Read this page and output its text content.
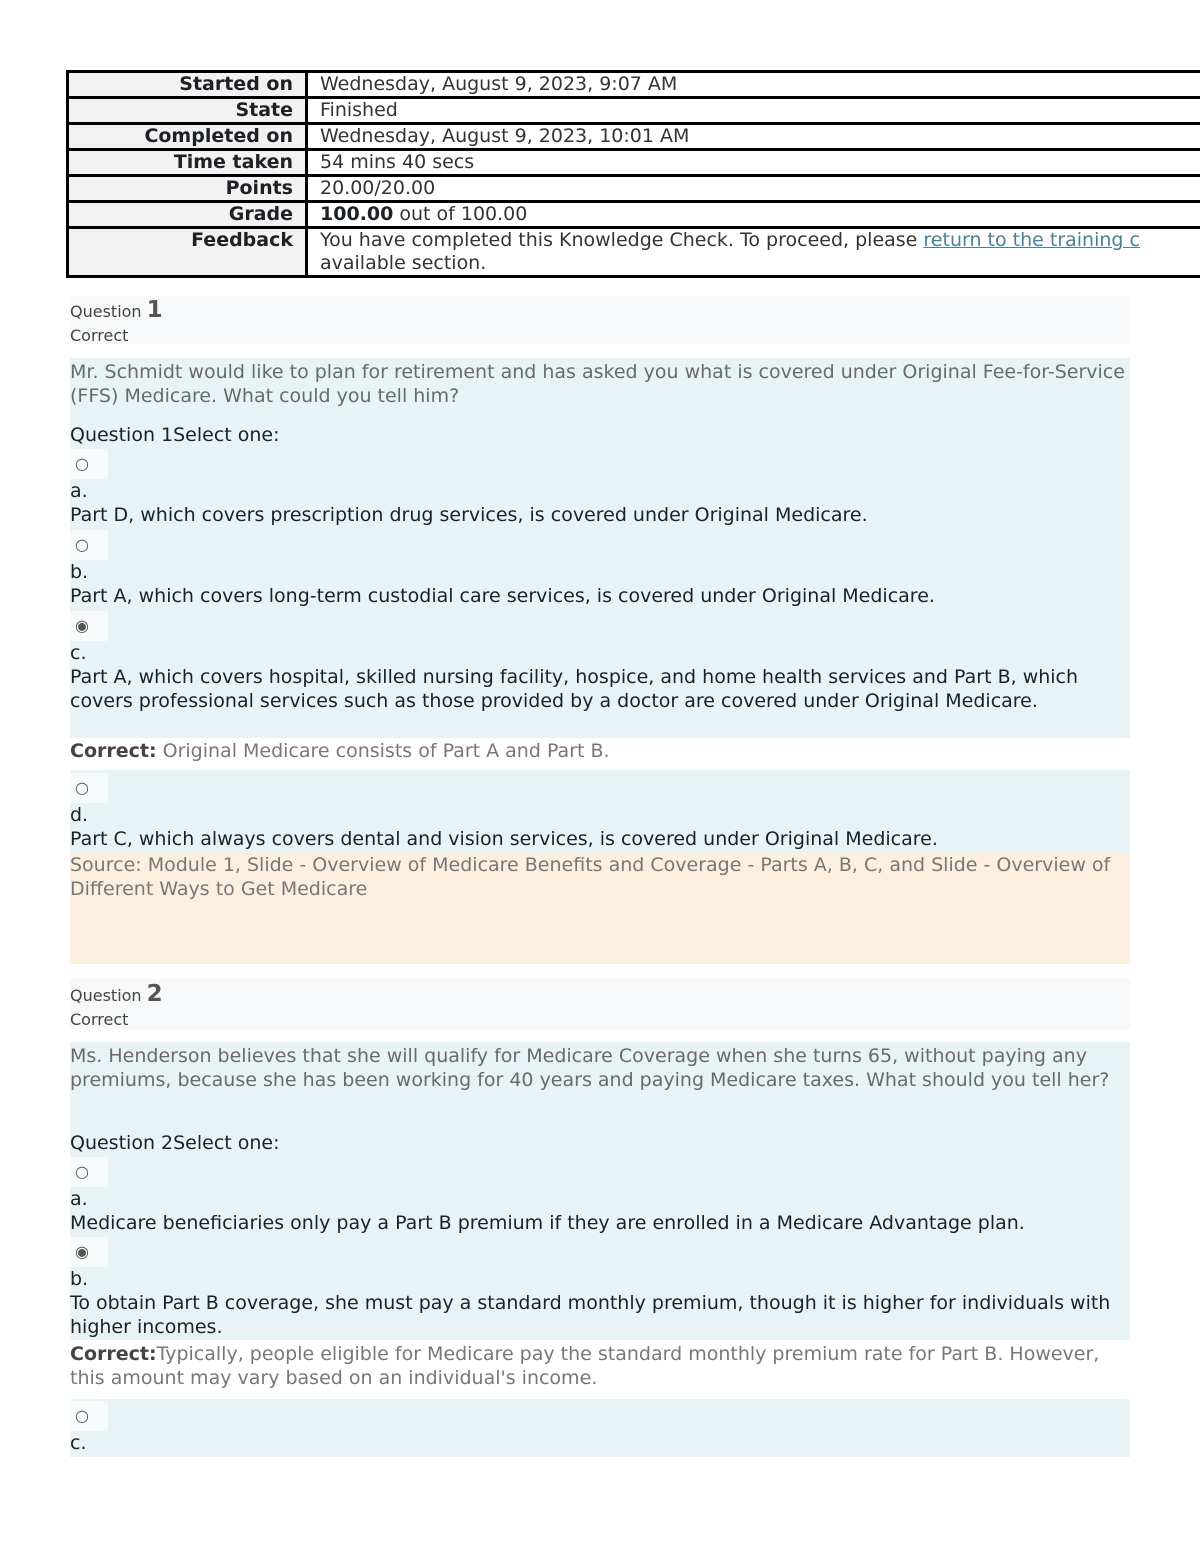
Started on	Wednesday, August 9, 2023, 9:07 AM
State	Finished
Completed on	Wednesday, August 9, 2023, 10:01 AM
Time taken	54 mins 40 secs
Points	20.00/20.00
Grade	100.00 out of 100.00
Feedback	You have completed this Knowledge Check. To proceed, please return to the training c
available section.
Question 1
Correct
Mr. Schmidt would like to plan for retirement and has asked you what is covered under Original Fee-for-Service (FFS) Medicare. What could you tell him?
Question 1Select one:
○
a.
Part D, which covers prescription drug services, is covered under Original Medicare.
○
b.
Part A, which covers long-term custodial care services, is covered under Original Medicare.
◉
c.
Part A, which covers hospital, skilled nursing facility, hospice, and home health services and Part B, which covers professional services such as those provided by a doctor are covered under Original Medicare.
Correct: Original Medicare consists of Part A and Part B.
○
d.
Part C, which always covers dental and vision services, is covered under Original Medicare.
Source: Module 1, Slide - Overview of Medicare Benefits and Coverage - Parts A, B, C, and Slide - Overview of Different Ways to Get Medicare
Question 2
Correct
Ms. Henderson believes that she will qualify for Medicare Coverage when she turns 65, without paying any premiums, because she has been working for 40 years and paying Medicare taxes. What should you tell her?
Question 2Select one:
○
a.
Medicare beneficiaries only pay a Part B premium if they are enrolled in a Medicare Advantage plan.
◉
b.
To obtain Part B coverage, she must pay a standard monthly premium, though it is higher for individuals with higher incomes.
Correct:Typically, people eligible for Medicare pay the standard monthly premium rate for Part B. However, this amount may vary based on an individual's income.
○
c.
